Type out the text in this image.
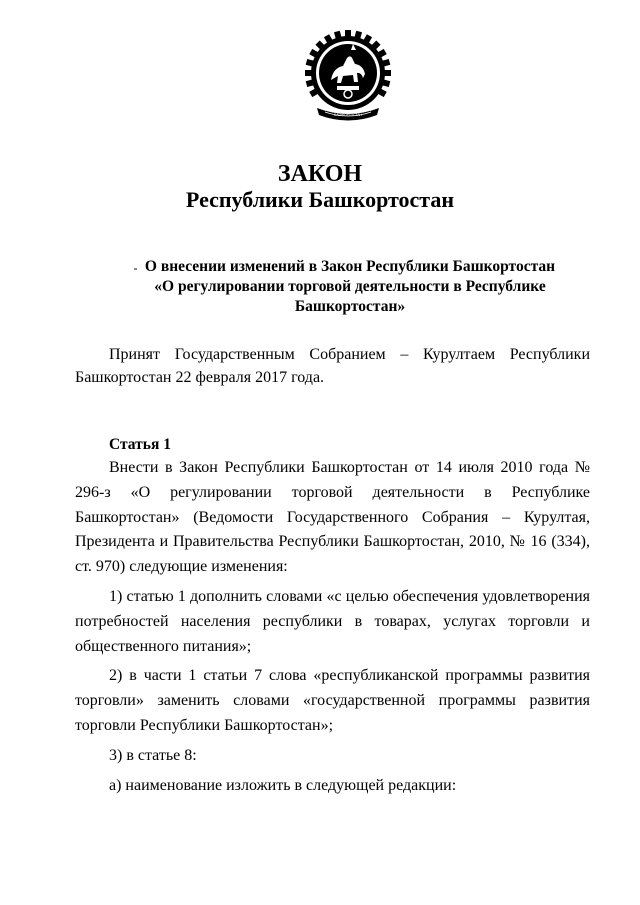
БАШКОРТОСТАН
ЗАКОН
Республики Башкортостан
О внесении изменений в Закон Республики Башкортостан
«О регулировании торговой деятельности в Республике
Башкортостан»
Принят Государственным Собранием – Курултаем Республики
Башкортостан 22 февраля 2017 года.
Статья 1

Внести в Закон Республики Башкортостан от 14 июля 2010 года № 296-з «О регулировании торговой деятельности в Республике Башкортостан» (Ведомости Государственного Собрания – Курултая, Президента и Правительства Республики Башкортостан, 2010, № 16 (334), ст. 970) следующие изменения:

1) статью 1 дополнить словами «с целью обеспечения удовлетворения потребностей населения республики в товарах, услугах торговли и общественного питания»;

2) в части 1 статьи 7 слова «республиканской программы развития торговли» заменить словами «государственной программы развития торговли Республики Башкортостан»;

3) в статье 8:

а) наименование изложить в следующей редакции:
